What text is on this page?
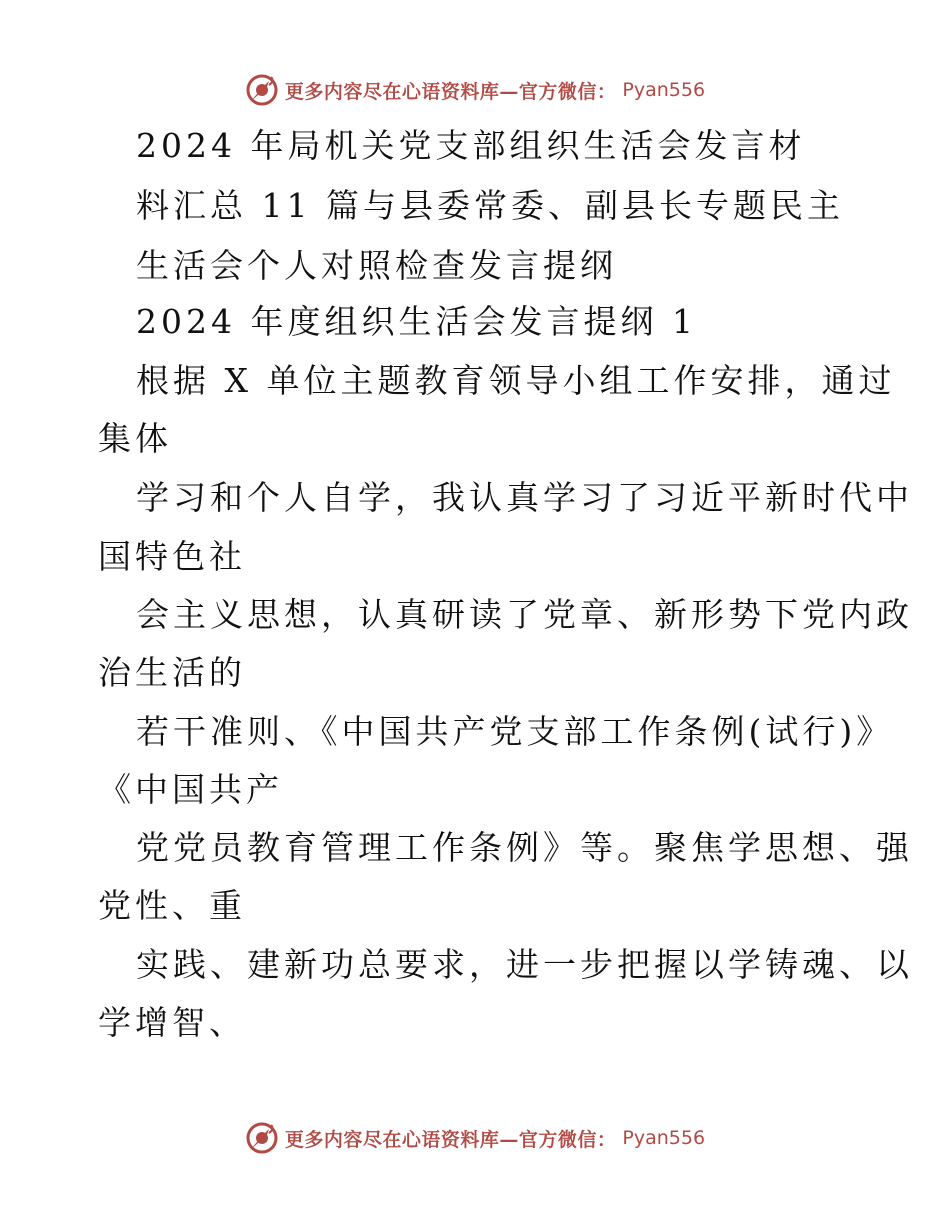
更多内容尽在心语资料库—官方微信： Pyan556
2024 年局机关党支部组织生活会发言材
料汇总 11 篇与县委常委、副县长专题民主
生活会个人对照检查发言提纲
2024 年度组织生活会发言提纲 1
根据 X 单位主题教育领导小组工作安排，通过
集体
学习和个人自学，我认真学习了习近平新时代中
国特色社
会主义思想，认真研读了党章、新形势下党内政
治生活的
若干准则、《中国共产党支部工作条例(试行)》
《中国共产
党党员教育管理工作条例》等。聚焦学思想、强
党性、重
实践、建新功总要求，进一步把握以学铸魂、以
学增智、
更多内容尽在心语资料库—官方微信： Pyan556
